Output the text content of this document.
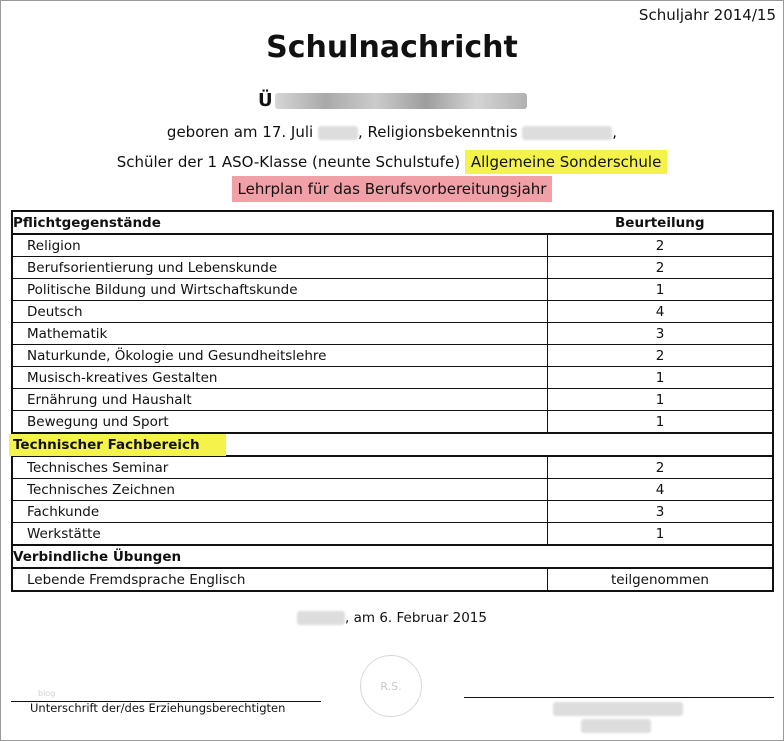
Schuljahr 2014/15
Schulnachricht
Ü
geboren am 17. Juli	, Religionsbekenntnis	,
Schüler der 1 ASO-Klasse (neunte Schulstufe) Allgemeine Sonderschule
Lehrplan für das Berufsvorbereitungsjahr
Pflichtgegenstände	Beurteilung
Religion	2
Berufsorientierung und Lebenskunde	2
Politische Bildung und Wirtschaftskunde	1
Deutsch	4
Mathematik	3
Naturkunde, Ökologie und Gesundheitslehre	2
Musisch-kreatives Gestalten	1
Ernährung und Haushalt	1
Bewegung und Sport	1
Technischer Fachbereich	
Technisches Seminar	2
Technisches Zeichnen	4
Fachkunde	3
Werkstätte	1
Verbindliche Übungen	
Lebende Fremdsprache Englisch	teilgenommen
, am 6. Februar 2015
R.S.
blog
Unterschrift der/des Erziehungsberechtigten
